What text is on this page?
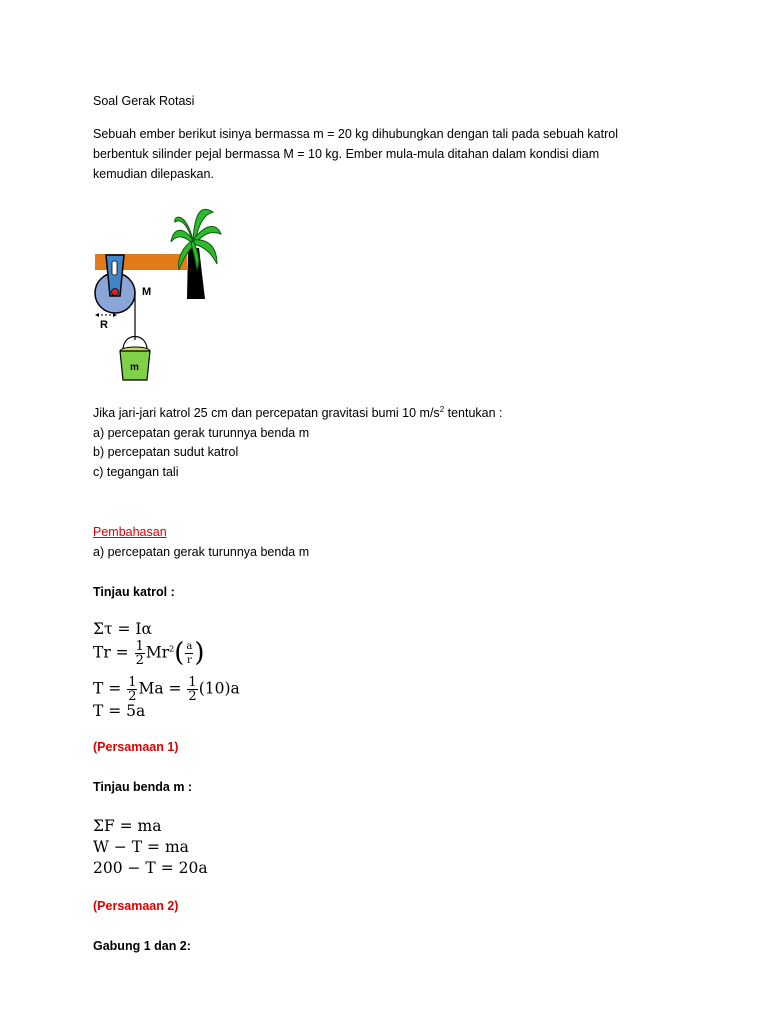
Soal Gerak Rotasi
Sebuah ember berikut isinya bermassa m = 20 kg dihubungkan dengan tali pada sebuah katrol
berbentuk silinder pejal bermassa M = 10 kg. Ember mula-mula ditahan dalam kondisi diam
kemudian dilepaskan.
Jika jari-jari katrol 25 cm dan percepatan gravitasi bumi 10 $m/s^2$ tentukan :
a) percepatan gerak turunnya benda m
b) percepatan sudut katrol
c) tegangan tali
Pembahasan
a) percepatan gerak turunnya benda m
Tinjau katrol :
Στ = Iα
$Tr = \frac{1}{2} Mr^2( \frac{a}{r}$ )
$T = \frac{1}{2}$ $Ma = \frac{1}{2} (10)a$
T = 5a
(Persamaan 1)
Tinjau benda m :
ΣF = ma
W − T = ma
200 − T = 20a
(Persamaan 2)
Gabung 1 dan 2:
R
M
m
